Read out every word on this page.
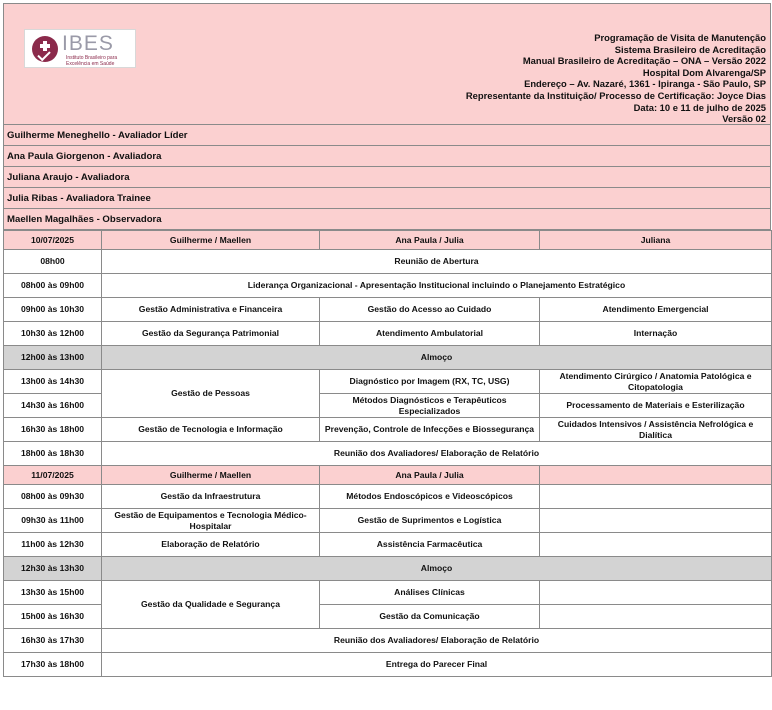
IBES
Instituto Brasileiro para Excelência em Saúde
Programação de Visita de Manutenção
Sistema Brasileiro de Acreditação
Manual Brasileiro de Acreditação – ONA – Versão 2022
Hospital Dom Alvarenga/SP
Endereço – Av. Nazaré, 1361 - Ipiranga - São Paulo, SP
Representante da Instituição/ Processo de Certificação: Joyce Dias
Data: 10 e 11 de julho de 2025
Versão 02
Guilherme Meneghello - Avaliador Líder
Ana Paula Giorgenon - Avaliadora
Juliana Araujo - Avaliadora
Julia Ribas - Avaliadora Trainee
Maellen Magalhães - Observadora
10/07/2025	Guilherme / Maellen	Ana Paula / Julia	Juliana
08h00	Reunião de Abertura		
08h00 às 09h00	Liderança Organizacional - Apresentação Institucional incluindo o Planejamento Estratégico		
09h00 às 10h30	Gestão Administrativa e Financeira	Gestão do Acesso ao Cuidado	Atendimento Emergencial
10h30 às 12h00	Gestão da Segurança Patrimonial	Atendimento Ambulatorial	Internação
12h00 às 13h00	Almoço		
13h00 às 14h30	Gestão de Pessoas	Diagnóstico por Imagem (RX, TC, USG)	Atendimento Cirúrgico / Anatomia Patológica e Citopatologia
14h30 às 16h00		Métodos Diagnósticos e Terapêuticos Especializados	Processamento de Materiais e Esterilização
16h30 às 18h00	Gestão de Tecnologia e Informação	Prevenção, Controle de Infecções e Biossegurança	Cuidados Intensivos / Assistência Nefrológica e Dialítica
18h00 às 18h30	Reunião dos Avaliadores/ Elaboração de Relatório		
11/07/2025	Guilherme / Maellen	Ana Paula / Julia	
08h00 às 09h30	Gestão da Infraestrutura	Métodos Endoscópicos e Videoscópicos	
09h30 às 11h00	Gestão de Equipamentos e Tecnologia Médico-Hospitalar	Gestão de Suprimentos e Logística	
11h00 às 12h30	Elaboração de Relatório	Assistência Farmacêutica	
12h30 às 13h30	Almoço		
13h30 às 15h00	Gestão da Qualidade e Segurança	Análises Clínicas	
15h00 às 16h30		Gestão da Comunicação	
16h30 às 17h30	Reunião dos Avaliadores/ Elaboração de Relatório		
17h30 às 18h00	Entrega do Parecer Final		
